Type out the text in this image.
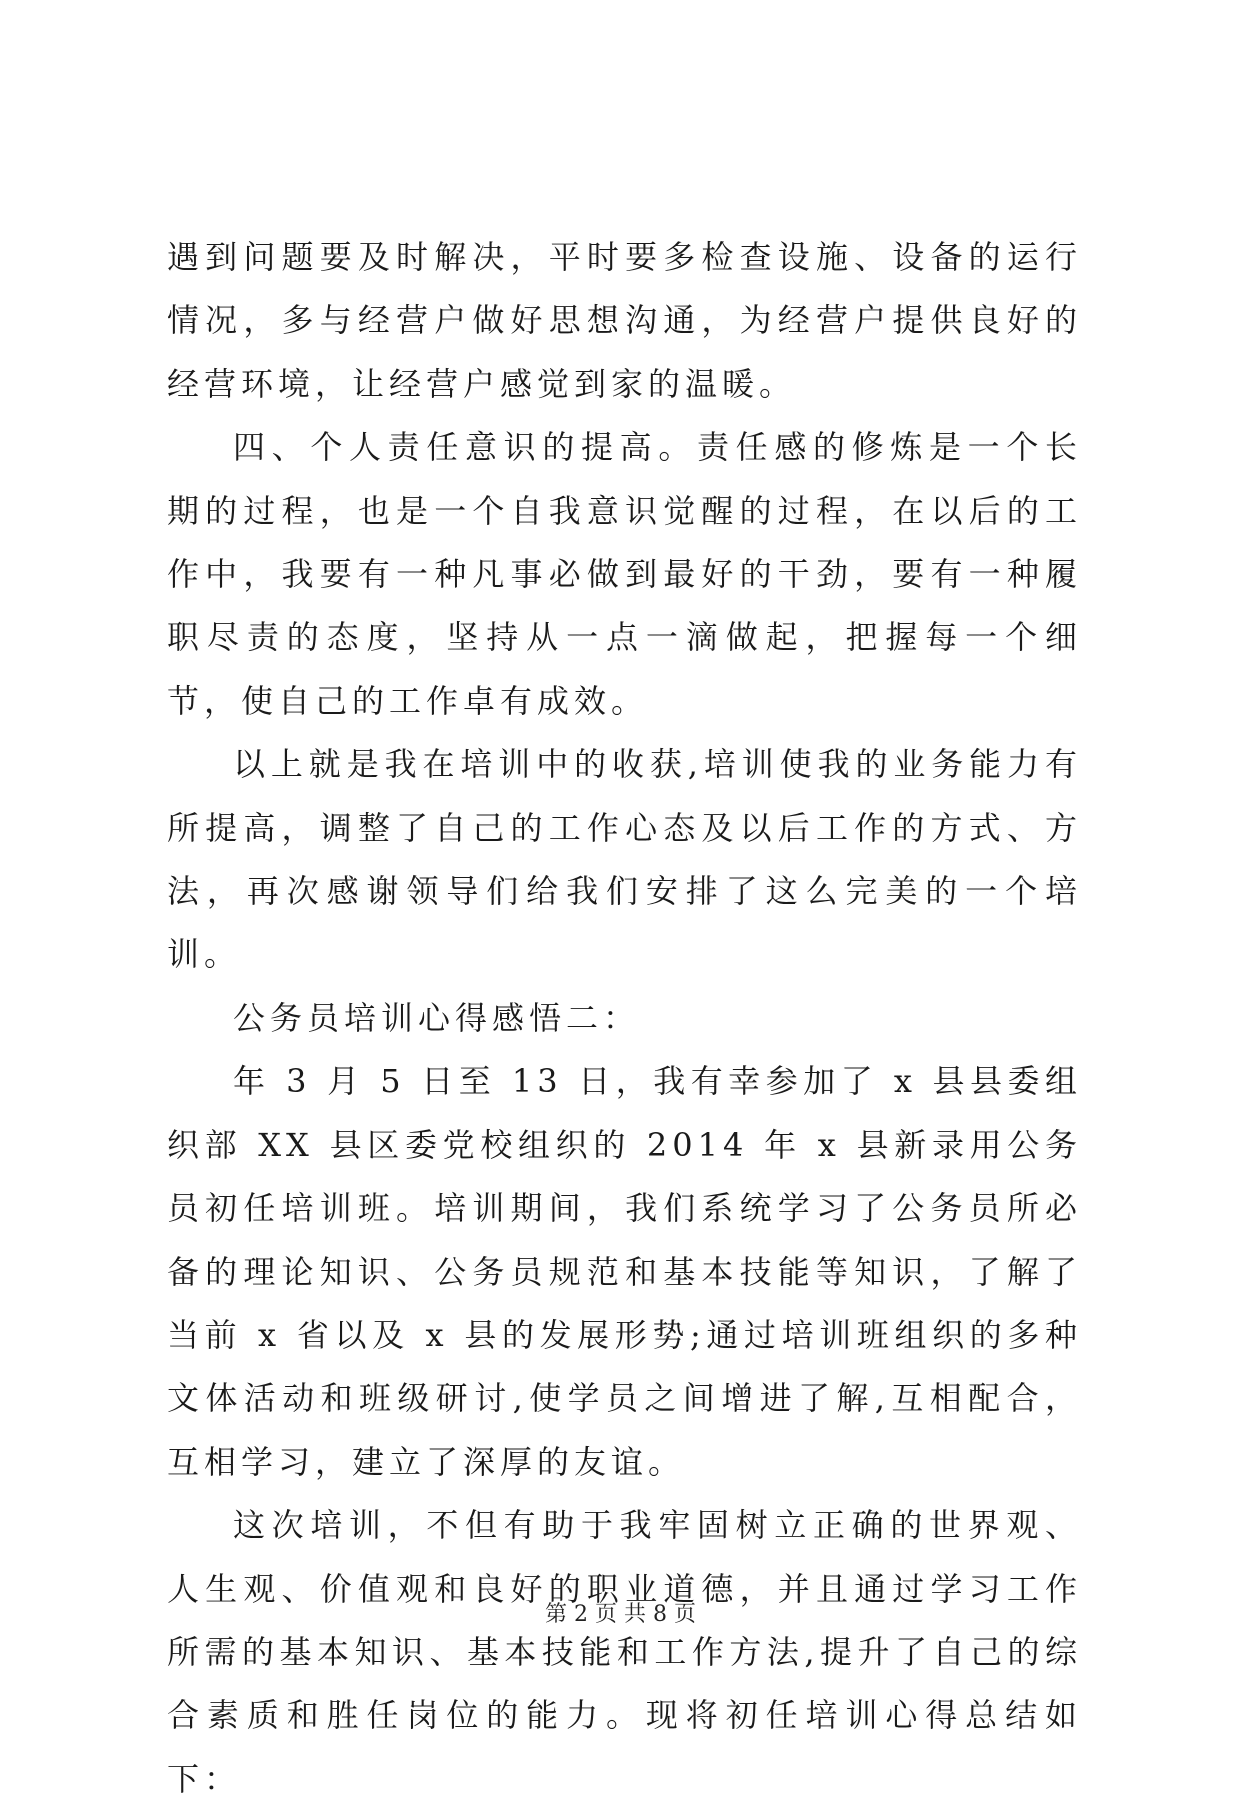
遇到问题要及时解决，平时要多检查设施、设备的运行情况，多与经营户做好思想沟通，为经营户提供良好的经营环境，让经营户感觉到家的温暖。

四、个人责任意识的提高。责任感的修炼是一个长期的过程，也是一个自我意识觉醒的过程，在以后的工作中，我要有一种凡事必做到最好的干劲，要有一种履职尽责的态度，坚持从一点一滴做起，把握每一个细节，使自己的工作卓有成效。

以上就是我在培训中的收获,培训使我的业务能力有所提高，调整了自己的工作心态及以后工作的方式、方法，再次感谢领导们给我们安排了这么完美的一个培训。

公务员培训心得感悟二：

年 3 月 5 日至 13 日，我有幸参加了 x 县县委组织部 XX 县区委党校组织的 2014 年 x 县新录用公务员初任培训班。培训期间，我们系统学习了公务员所必备的理论知识、公务员规范和基本技能等知识，了解了当前 x 省以及 x 县的发展形势;通过培训班组织的多种文体活动和班级研讨,使学员之间增进了解,互相配合，互相学习，建立了深厚的友谊。

这次培训，不但有助于我牢固树立正确的世界观、人生观、价值观和良好的职业道德，并且通过学习工作所需的基本知识、基本技能和工作方法,提升了自己的综合素质和胜任岗位的能力。现将初任培训心得总结如下：

第 2 页 共 8 页
